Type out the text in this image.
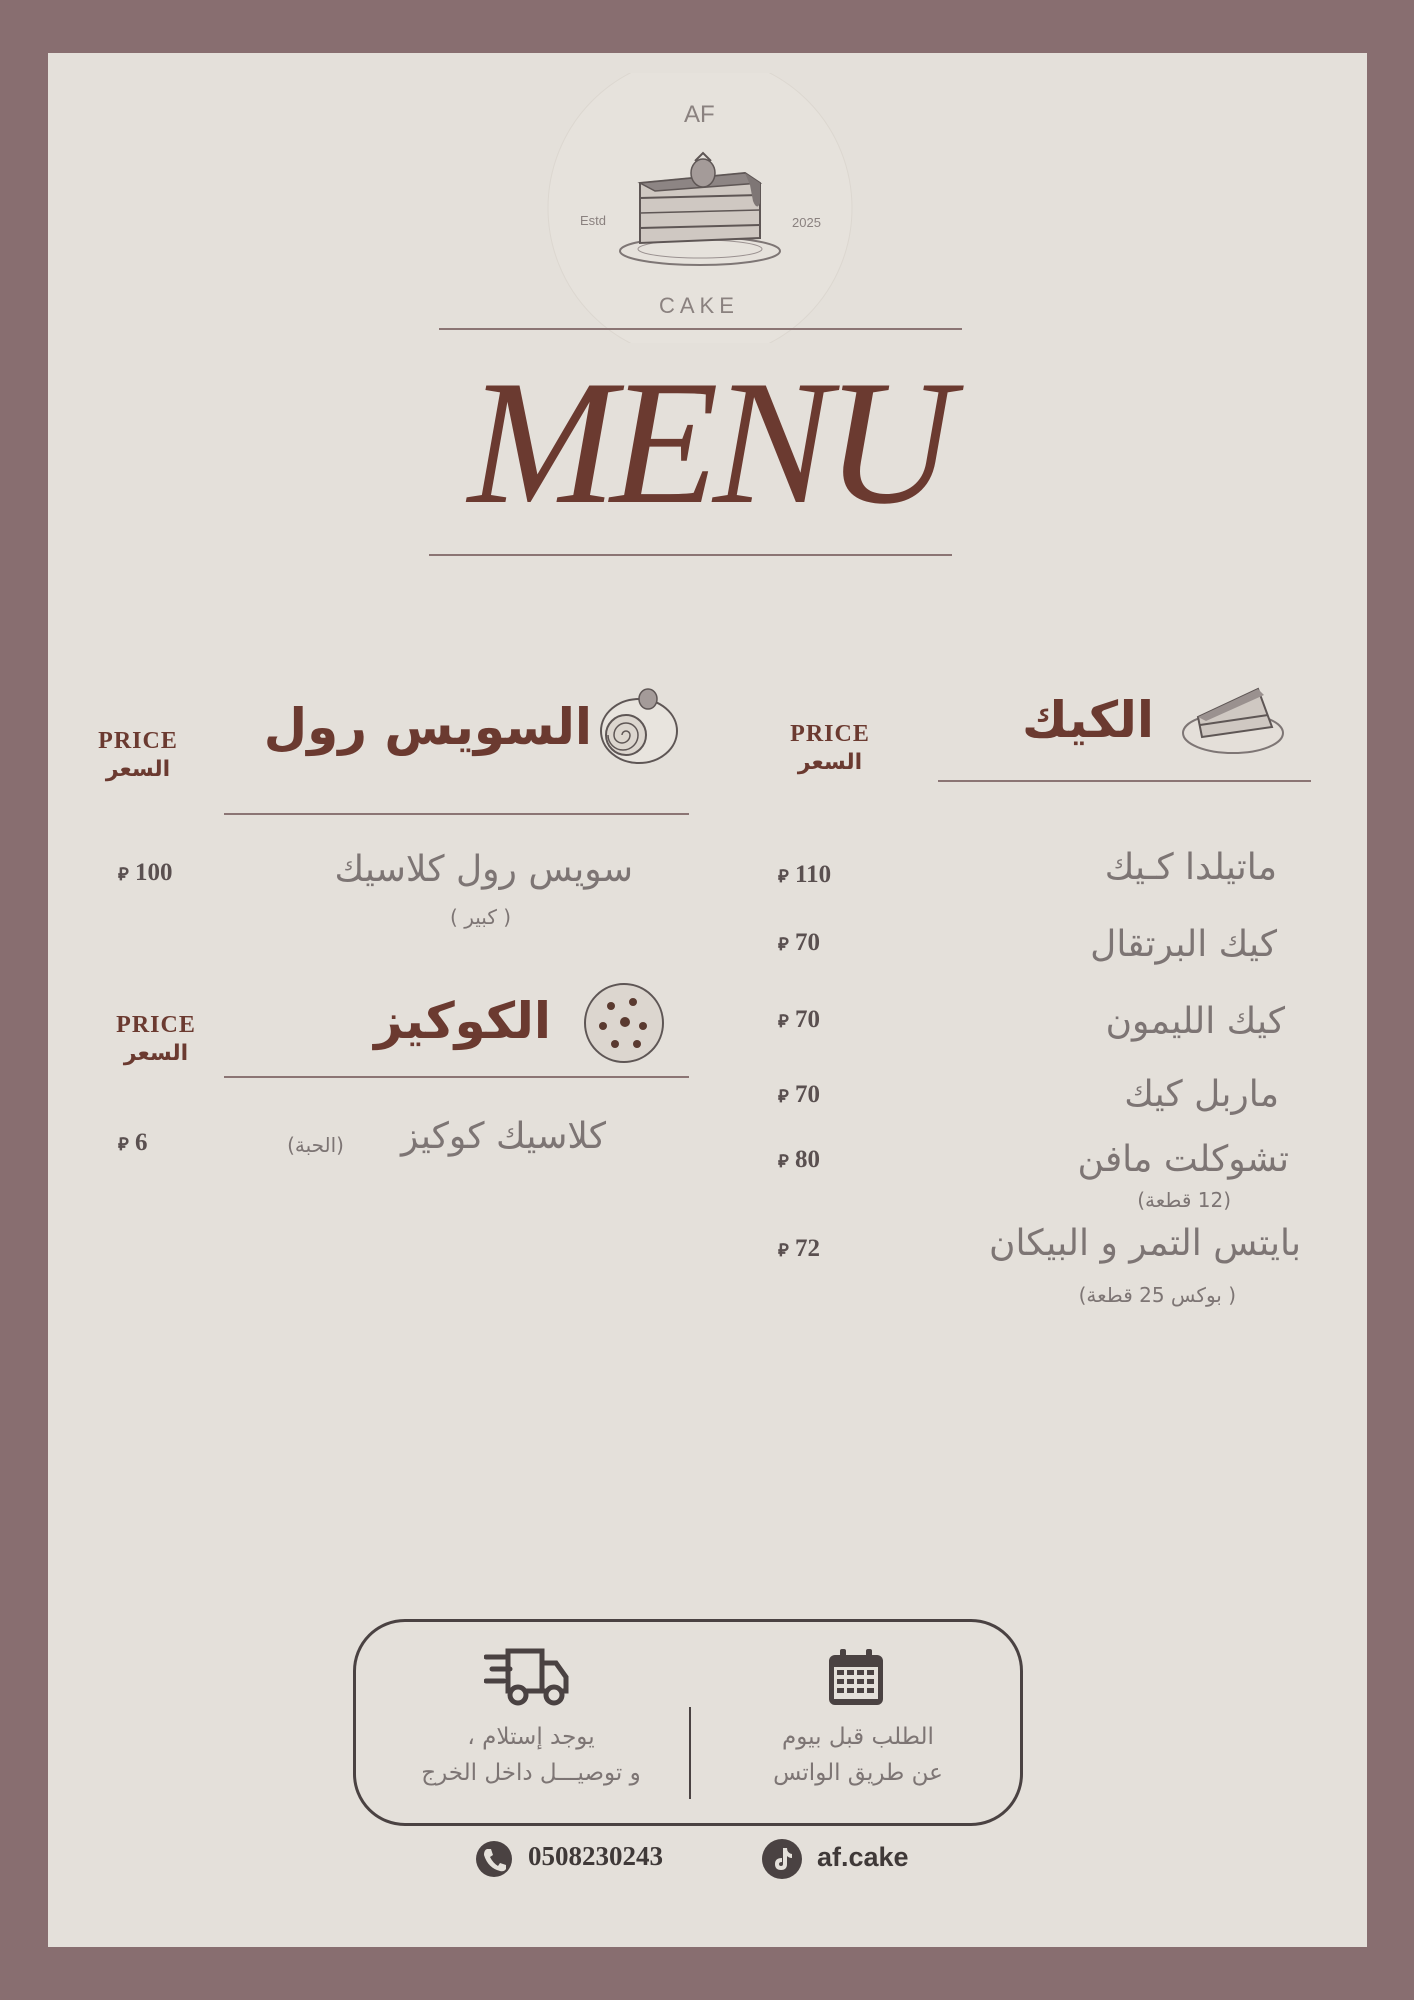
AF
Estd	2025
CAKE
MENU
الكيك
PRICE
السعر
ماتيلدا كـيك
⃁ 110
كيك البرتقال
⃁ 70
كيك الليمون
⃁ 70
ماربل كيك
⃁ 70
تشوكلت مافن
(12 قطعة)
⃁ 80
بايتس التمر و البيكان
( بوكس 25 قطعة)
⃁ 72
السويس رول
PRICE
السعر
سويس رول كلاسيك
( كبير )
⃁ 100
الكوكيز
PRICE
السعر
كلاسيك كوكيز
(الحبة)
⃁ 6
الطلب قبل بيوم
عن طريق الواتس
يوجد إستلام ،
و توصيـــل داخل الخرج
0508230243	af.cake
